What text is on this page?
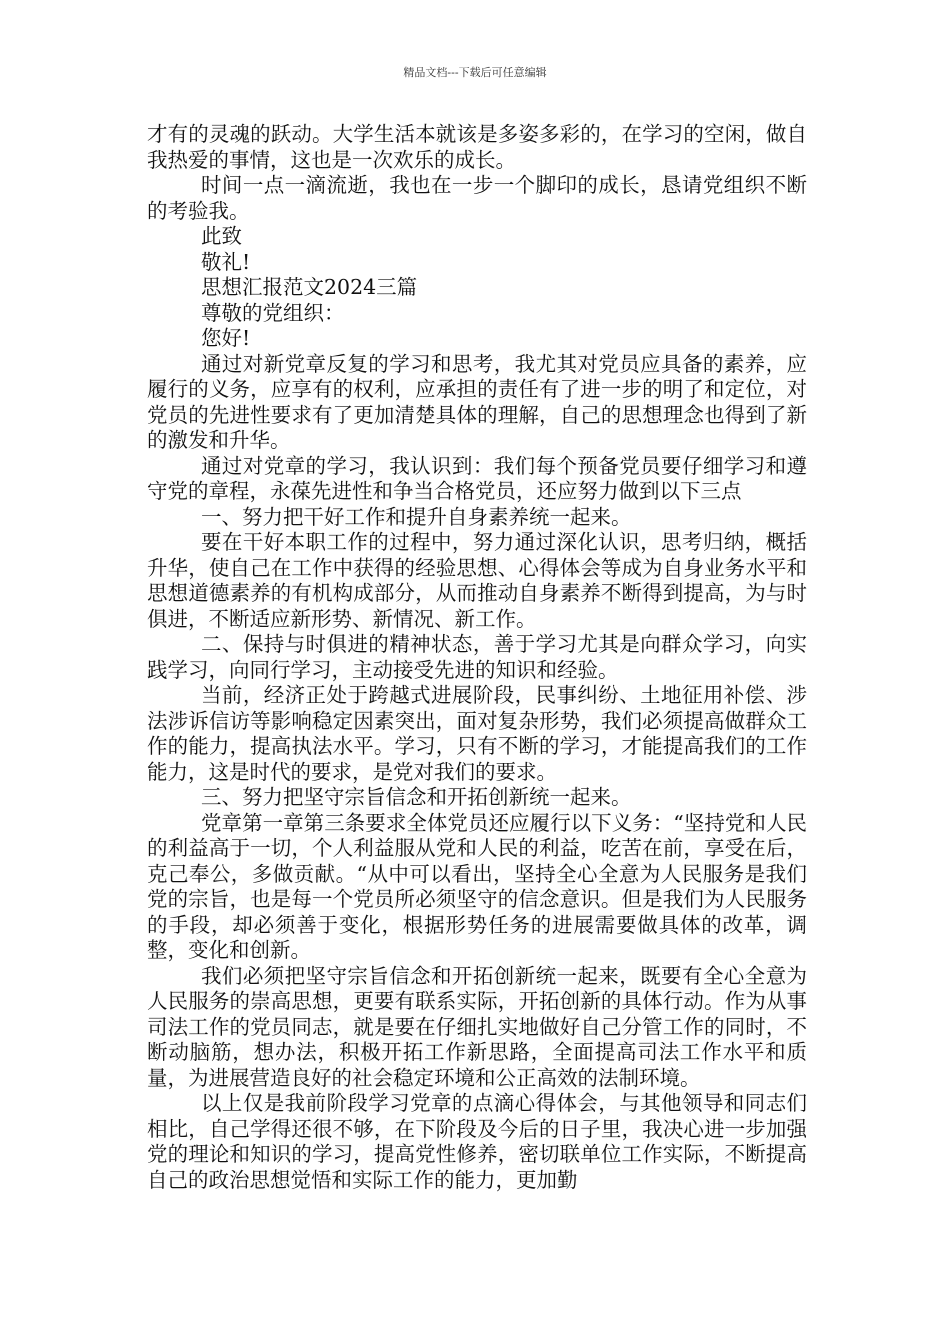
精品文档---下载后可任意编辑

才有的灵魂的跃动。大学生活本就该是多姿多彩的，在学习的空闲，做自我热爱的事情，这也是一次欢乐的成长。

时间一点一滴流逝，我也在一步一个脚印的成长，恳请党组织不断的考验我。

此致

敬礼!

思想汇报范文2024三篇

尊敬的党组织：

您好!

通过对新党章反复的学习和思考，我尤其对党员应具备的素养，应履行的义务，应享有的权利，应承担的责任有了进一步的明了和定位，对党员的先进性要求有了更加清楚具体的理解，自己的思想理念也得到了新的激发和升华。

通过对党章的学习，我认识到：我们每个预备党员要仔细学习和遵守党的章程，永葆先进性和争当合格党员，还应努力做到以下三点

一、努力把干好工作和提升自身素养统一起来。

要在干好本职工作的过程中，努力通过深化认识，思考归纳，概括升华，使自己在工作中获得的经验思想、心得体会等成为自身业务水平和思想道德素养的有机构成部分，从而推动自身素养不断得到提高，为与时俱进，不断适应新形势、新情况、新工作。

二、保持与时俱进的精神状态，善于学习尤其是向群众学习，向实践学习，向同行学习，主动接受先进的知识和经验。

当前，经济正处于跨越式进展阶段，民事纠纷、土地征用补偿、涉法涉诉信访等影响稳定因素突出，面对复杂形势，我们必须提高做群众工作的能力，提高执法水平。学习，只有不断的学习，才能提高我们的工作能力，这是时代的要求，是党对我们的要求。

三、努力把坚守宗旨信念和开拓创新统一起来。

党章第一章第三条要求全体党员还应履行以下义务：“坚持党和人民的利益高于一切，个人利益服从党和人民的利益，吃苦在前，享受在后，克己奉公，多做贡献。“从中可以看出，坚持全心全意为人民服务是我们党的宗旨，也是每一个党员所必须坚守的信念意识。但是我们为人民服务的手段，却必须善于变化，根据形势任务的进展需要做具体的改革，调整，变化和创新。

我们必须把坚守宗旨信念和开拓创新统一起来，既要有全心全意为人民服务的崇高思想，更要有联系实际，开拓创新的具体行动。作为从事司法工作的党员同志，就是要在仔细扎实地做好自己分管工作的同时，不断动脑筋，想办法，积极开拓工作新思路，全面提高司法工作水平和质量，为进展营造良好的社会稳定环境和公正高效的法制环境。

以上仅是我前阶段学习党章的点滴心得体会，与其他领导和同志们相比，自己学得还很不够，在下阶段及今后的日子里，我决心进一步加强党的理论和知识的学习，提高党性修养，密切联单位工作实际，不断提高自己的政治思想觉悟和实际工作的能力，更加勤
